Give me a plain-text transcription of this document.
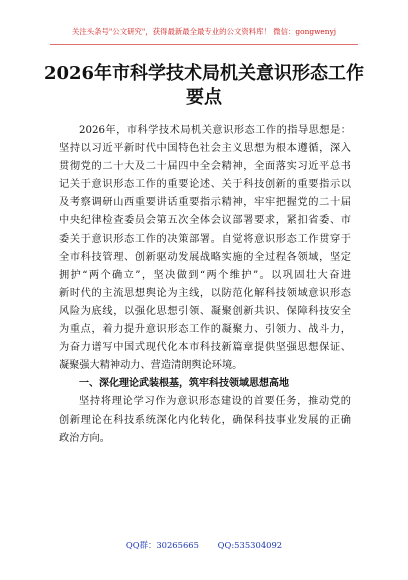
关注头条号"公文研究"，获得最新最全最专业的公文资料库！ 微信：gongwenyj
2026年市科学技术局机关意识形态工作
要点
2026年，市科学技术局机关意识形态工作的指导思想是：
坚持以习近平新时代中国特色社会主义思想为根本遵循，深入
贯彻党的二十大及二十届四中全会精神，全面落实习近平总书
记关于意识形态工作的重要论述、关于科技创新的重要指示以
及考察调研山西重要讲话重要指示精神，牢牢把握党的二十届
中央纪律检查委员会第五次全体会议部署要求，紧扣省委、市
委关于意识形态工作的决策部署。自觉将意识形态工作贯穿于
全市科技管理、创新驱动发展战略实施的全过程各领域，坚定
拥护“两个确立”，坚决做到“两个维护”。以巩固壮大奋进
新时代的主流思想舆论为主线，以防范化解科技领域意识形态
风险为底线，以强化思想引领、凝聚创新共识、保障科技安全
为重点，着力提升意识形态工作的凝聚力、引领力、战斗力，
为奋力谱写中国式现代化本市科技新篇章提供坚强思想保证、
凝聚强大精神动力、营造清朗舆论环境。
一、深化理论武装根基，筑牢科技领域思想高地
坚持将理论学习作为意识形态建设的首要任务，推动党的
创新理论在科技系统深化内化转化，确保科技事业发展的正确
政治方向。
QQ群：30265665 QQ:535304092
